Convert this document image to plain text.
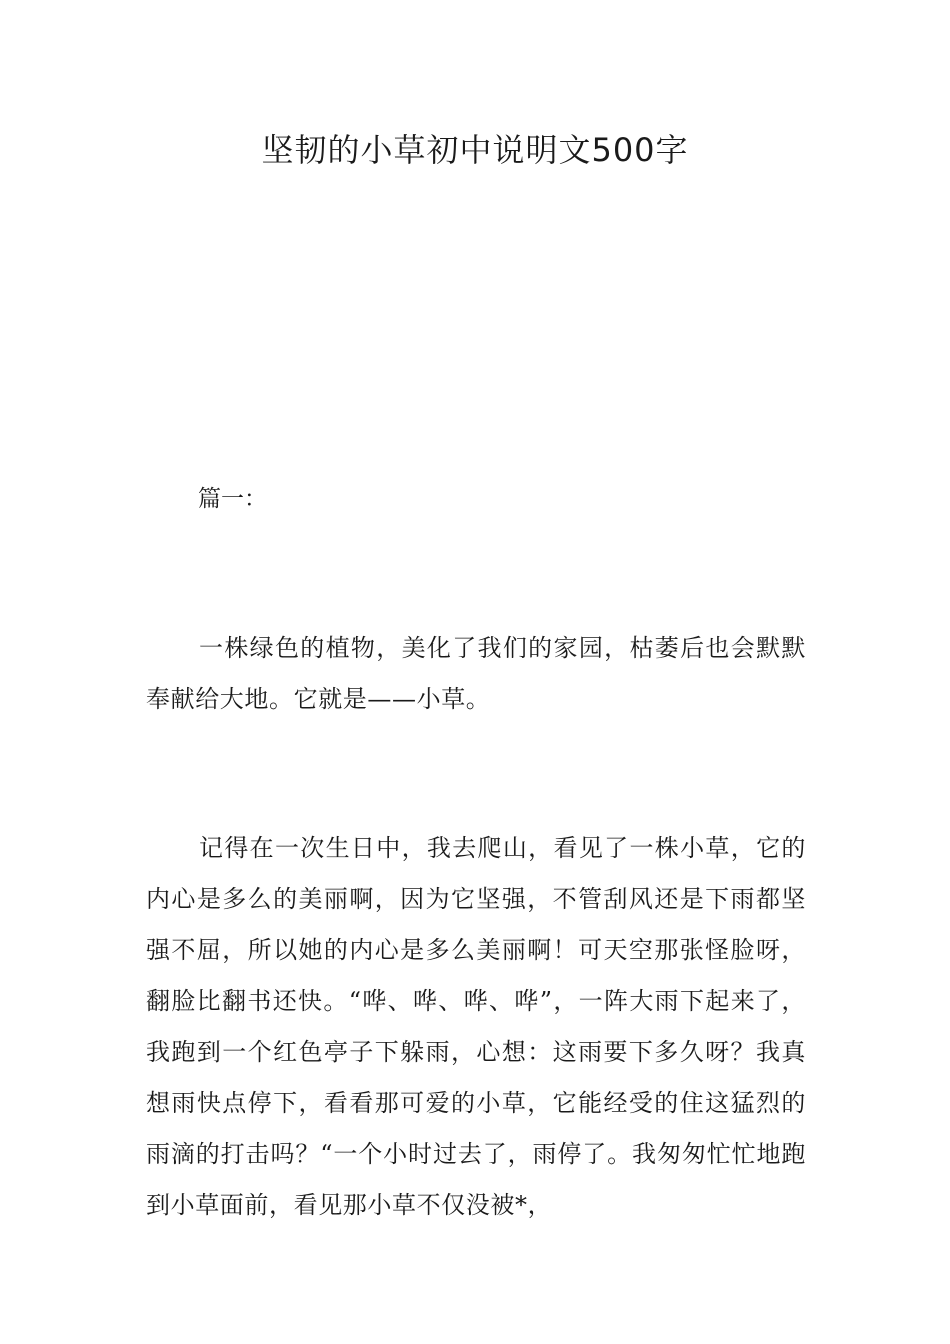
坚韧的小草初中说明文500字

篇一：

一株绿色的植物，美化了我们的家园，枯萎后也会默默奉献给大地。它就是——小草。

记得在一次生日中，我去爬山，看见了一株小草，它的内心是多么的美丽啊，因为它坚强，不管刮风还是下雨都坚强不屈，所以她的内心是多么美丽啊！可天空那张怪脸呀，翻脸比翻书还快。“哗、哗、哗、哗”，一阵大雨下起来了，我跑到一个红色亭子下躲雨，心想：这雨要下多久呀？我真想雨快点停下，看看那可爱的小草，它能经受的住这猛烈的雨滴的打击吗？“一个小时过去了，雨停了。我匆匆忙忙地跑到小草面前，看见那小草不仅没被*，
